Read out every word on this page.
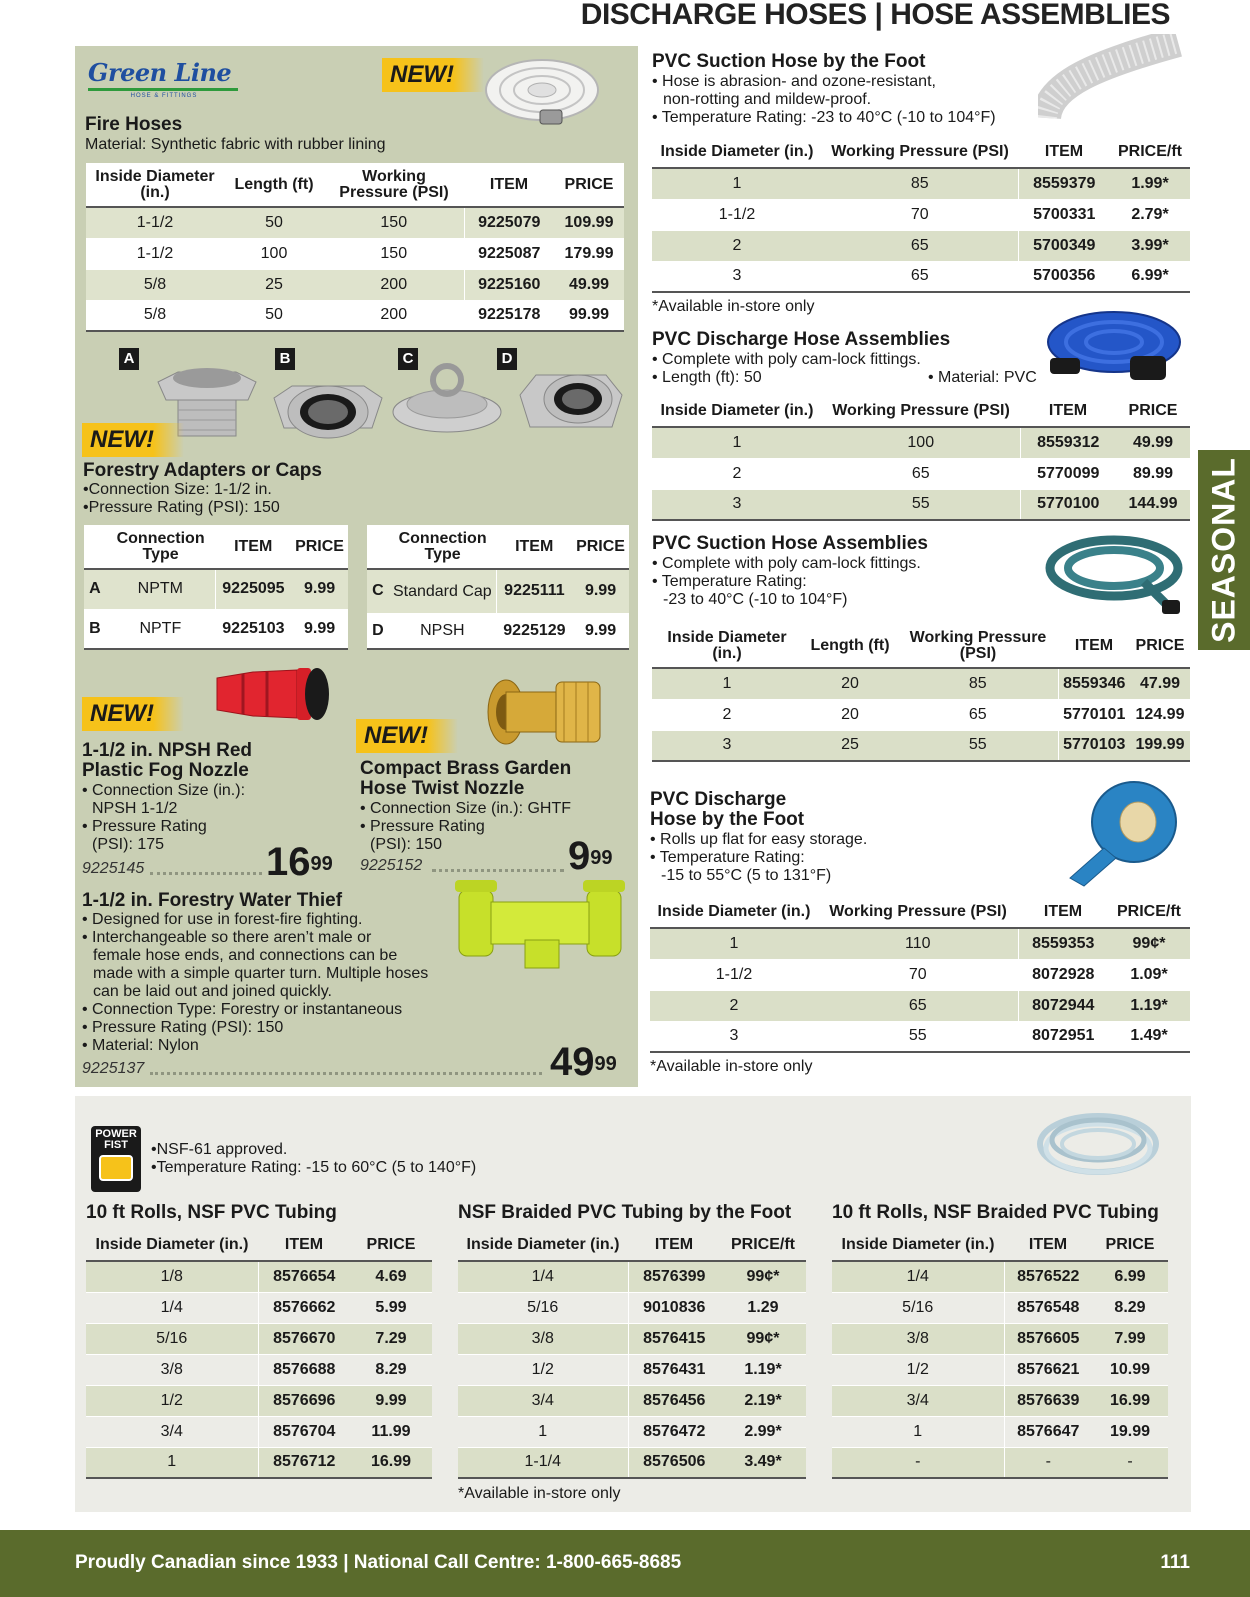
DISCHARGE HOSES | HOSE ASSEMBLIES
Green Line
HOSE & FITTINGS
NEW!
Fire Hoses
Material: Synthetic fabric with rubber lining
Inside Diameter (in.)	Length (ft)	Working Pressure (PSI)	ITEM	PRICE
1-1/2	50	150	9225079	109.99
1-1/2	100	150	9225087	179.99
5/8	25	200	9225160	49.99
5/8	50	200	9225178	99.99
A	B	C	D
NEW!
Forestry Adapters or Caps
• Connection Size: 1-1/2 in.
• Pressure Rating (PSI): 150
	Connection Type	ITEM	PRICE
A	NPTM	9225095	9.99
B	NPTF	9225103	9.99
	Connection Type	ITEM	PRICE
C	Standard Cap	9225111	9.99
D	NPSH	9225129	9.99
NEW!
1-1/2 in. NPSH Red
Plastic Fog Nozzle
• Connection Size (in.):
NPSH 1-1/2
• Pressure Rating
(PSI): 175
9225145	$16^{99}$
NEW!
Compact Brass Garden
Hose Twist Nozzle
• Connection Size (in.): GHTF
• Pressure Rating
(PSI): 150
9225152	$9^{99}$
1-1/2 in. Forestry Water Thief
• Designed for use in forest-fire fighting.
• Interchangeable so there aren’t male or
female hose ends, and connections can be
made with a simple quarter turn. Multiple hoses
can be laid out and joined quickly.
• Connection Type: Forestry or instantaneous
• Pressure Rating (PSI): 150
• Material: Nylon
9225137	$49^{99}$
PVC Suction Hose by the Foot
• Hose is abrasion- and ozone-resistant,
non-rotting and mildew-proof.
• Temperature Rating: -23 to 40°C (-10 to 104°F)
Inside Diameter (in.)	Working Pressure (PSI)	ITEM	PRICE/ft
1	85	8559379	1.99*
1-1/2	70	5700331	2.79*
2	65	5700349	3.99*
3	65	5700356	6.99*
*Available in-store only
PVC Discharge Hose Assemblies
• Complete with poly cam-lock fittings.
• Length (ft): 50	• Material: PVC
Inside Diameter (in.)	Working Pressure (PSI)	ITEM	PRICE
1	100	8559312	49.99
2	65	5770099	89.99
3	55	5770100	144.99
PVC Suction Hose Assemblies
• Complete with poly cam-lock fittings.
• Temperature Rating:
-23 to 40°C (-10 to 104°F)
Inside Diameter (in.)	Length (ft)	Working Pressure (PSI)	ITEM	PRICE
1	20	85	8559346	47.99
2	20	65	5770101	124.99
3	25	55	5770103	199.99
PVC Discharge
Hose by the Foot
• Rolls up flat for easy storage.
• Temperature Rating:
-15 to 55°C (5 to 131°F)
Inside Diameter (in.)	Working Pressure (PSI)	ITEM	PRICE/ft
1	110	8559353	99¢*
1-1/2	70	8072928	1.09*
2	65	8072944	1.19*
3	55	8072951	1.49*
*Available in-store only
SEASONAL
POWER FIST	• NSF-61 approved.
• Temperature Rating: -15 to 60°C (5 to 140°F)
10 ft Rolls, NSF PVC Tubing
Inside Diameter (in.)	ITEM	PRICE
1/8	8576654	4.69
1/4	8576662	5.99
5/16	8576670	7.29
3/8	8576688	8.29
1/2	8576696	9.99
3/4	8576704	11.99
1	8576712	16.99
NSF Braided PVC Tubing by the Foot
Inside Diameter (in.)	ITEM	PRICE/ft
1/4	8576399	99¢*
5/16	9010836	1.29
3/8	8576415	99¢*
1/2	8576431	1.19*
3/4	8576456	2.19*
1	8576472	2.99*
1-1/4	8576506	3.49*
*Available in-store only
10 ft Rolls, NSF Braided PVC Tubing
Inside Diameter (in.)	ITEM	PRICE
1/4	8576522	6.99
5/16	8576548	8.29
3/8	8576605	7.99
1/2	8576621	10.99
3/4	8576639	16.99
1	8576647	19.99
-	-	-
Proudly Canadian since 1933 | National Call Centre: 1-800-665-8685	111
